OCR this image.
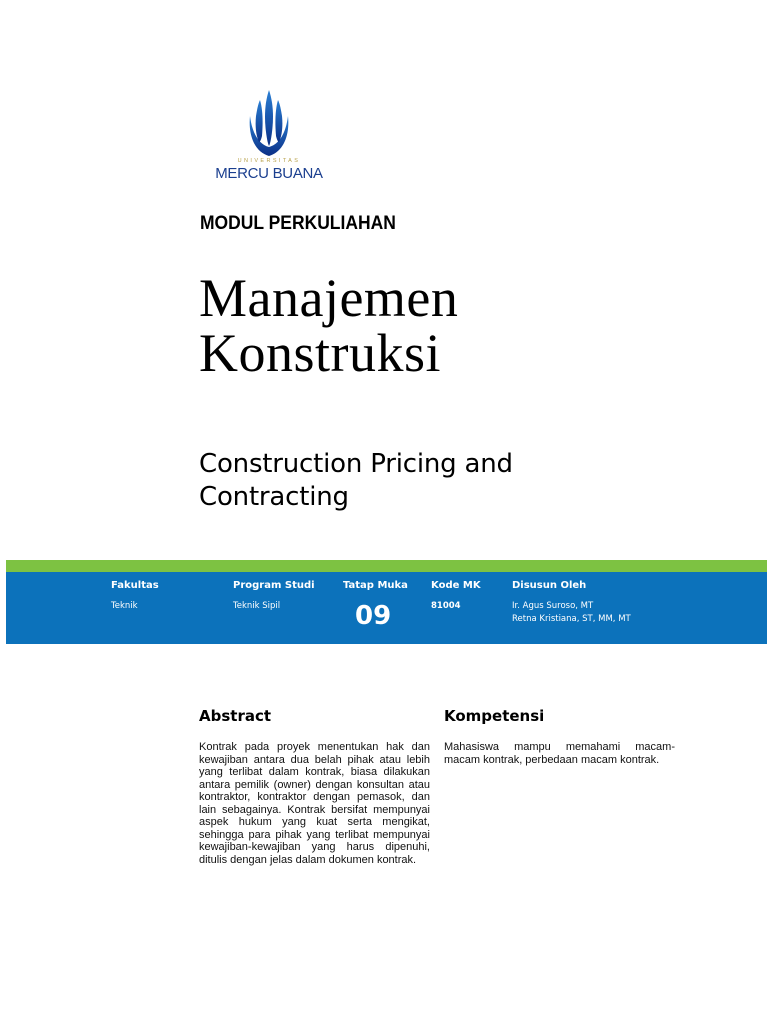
UNIVERSITAS
MERCU BUANA
MODUL PERKULIAHAN
Manajemen
Konstruksi
Construction Pricing and
Contracting
Fakultas
Teknik
Program Studi
Teknik Sipil
Tatap Muka
09
Kode MK
81004
Disusun Oleh
Ir. Agus Suroso, MT
Retna Kristiana, ST, MM, MT
Abstract
Kontrak pada proyek menentukan hak dan kewajiban antara dua belah pihak atau lebih yang terlibat dalam kontrak, biasa dilakukan antara pemilik (owner) dengan konsultan atau kontraktor, kontraktor dengan pemasok, dan lain sebagainya. Kontrak bersifat mempunyai aspek hukum yang kuat serta mengikat, sehingga para pihak yang terlibat mempunyai kewajiban-kewajiban yang harus dipenuhi, ditulis dengan jelas dalam dokumen kontrak.
Kompetensi
Mahasiswa mampu memahami macam-macam kontrak, perbedaan macam kontrak.
